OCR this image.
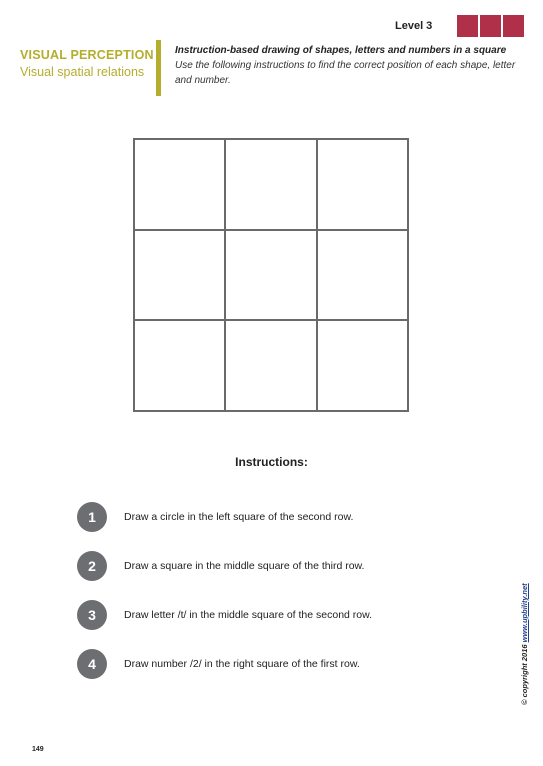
Level 3
VISUAL PERCEPTION
Visual spatial relations
Instruction-based drawing of shapes, letters and numbers in a square
Use the following instructions to find the correct position of each shape, letter and number.
Instructions:
1	Draw a circle in the left square of the second row.
2	Draw a square in the middle square of the third row.
3	Draw letter /t/ in the middle square of the second row.
4	Draw number /2/ in the right square of the first row.	© copyright 2016 www.upbility.net
149
